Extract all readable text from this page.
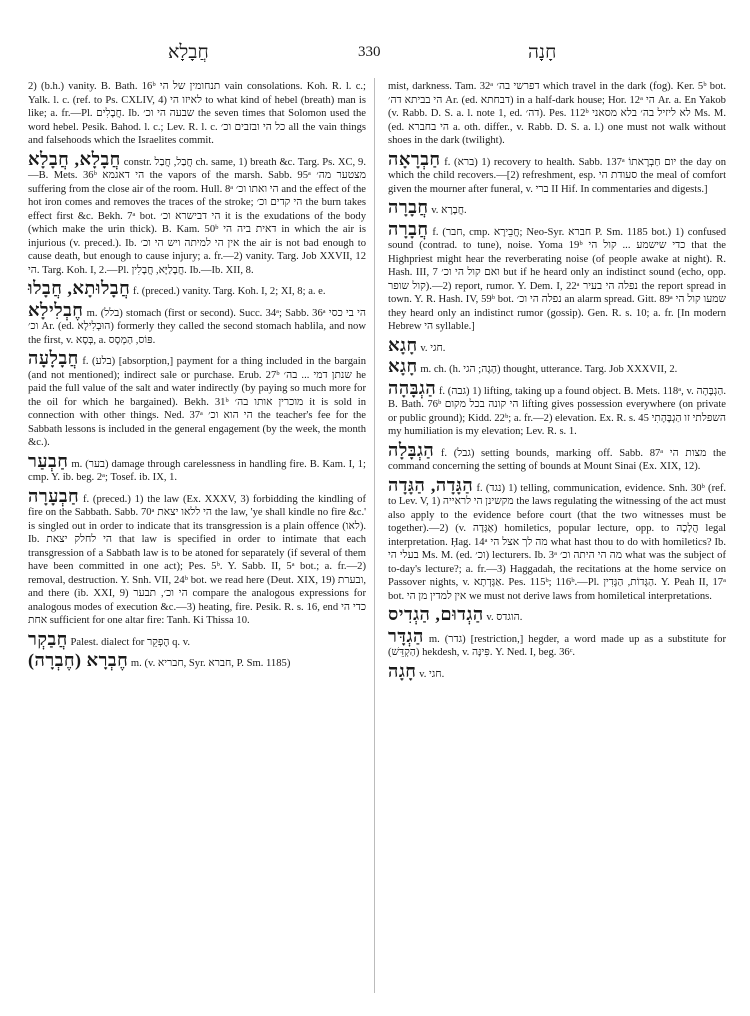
חֲבָלָא	330	חָנָה

2) (b.h.) vanity. B. Bath. 16ᵇ תנחומין של הי vain consolations. Koh. R. l. c.; Yalk. l. c. (ref. to Ps. CXLIV, 4) לאיזו הי to what kind of hebel (breath) man is like; a. fr.—Pl. חֲבָלִים. Ib. שבעה הי וכ׳ the seven times that Solomon used the word hebel. Pesik. Bahod. l. c.; Lev. R. l. c. כל הי ובזבים וכ׳ all the vain things and falsehoods which the Israelites commit.

חֲבָלָא, חֲבָלָא constr. חֲבַל, חֲבַל ch. same, 1) breath &c. Targ. Ps. XC, 9.—B. Mets. 36ᵇ הי דאגמא the vapors of the marsh. Sabb. 95ᵃ מצטער מה׳ suffering from the close air of the room. Hull. 8ᵃ הי ואתו וכ׳ and the effect of the hot iron comes and removes the traces of the stroke; הי קדים וכ׳ the burn takes effect first &c. Bekh. 7ᵃ bot. הי דבישרא וכ׳ it is the exudations of the body (which make the urin thick). B. Kam. 50ᵇ דאית ביה הי in which the air is injurious (v. preced.). Ib. אין הי למיתה ויש הי וכ׳ the air is not bad enough to cause death, but enough to cause injury; a. fr.—2) vanity. Targ. Job XXVII, 12 הי. Targ. Koh. I, 2.—Pl. חֲבָלַיָּא, חֲבָלִין. Ib.—Ib. XII, 8.

חֲבָלוּתָא, חֲבָלוּ f. (preced.) vanity. Targ. Koh. I, 2; XI, 8; a. e.

חֶבְלִילָא m. (בלל) stomach (first or second). Succ. 34ᵃ; Sabb. 36ᵃ הי בי כסי וכ׳ Ar. (ed. הוּבְלִילָא) formerly they called the second stomach hablila, and now the first, v. בְּסָא, a. פּוֹס, הַמְסָס.

חֲבָלָעָה f. (בלע) [absorption,] payment for a thing included in the bargain (and not mentioned); indirect sale or purchase. Erub. 27ᵇ שנתן דמי ... בה׳ he paid the full value of the salt and water indirectly (by paying so much more for the oil for which he bargained). Bekh. 31ᵇ מוכרין אותו בה׳ it is sold in connection with other things. Ned. 37ᵃ הי הוא וכ׳ the teacher's fee for the Sabbath lessons is included in the general engagement (by the week, the month &c.).

חַבְעַר m. (בער) damage through carelessness in handling fire. B. Kam. I, 1; cmp. Y. ib. beg. 2ᵃ; Tosef. ib. IX, 1.

חַבְעָרָה f. (preced.) 1) the law (Ex. XXXV, 3) forbidding the kindling of fire on the Sabbath. Sabb. 70ᵃ הי ללאו יצאת the law, 'ye shall kindle no fire &c.' is singled out in order to indicate that its transgression is a plain offence (לאו). Ib. הי לחלק יצאת that law is specified in order to intimate that each transgression of a Sabbath law is to be atoned for separately (if several of them have been committed in one act); Pes. 5ᵇ. Y. Sabb. II, 5ᵃ bot.; a. fr.—2) removal, destruction. Y. Snh. VII, 24ᵇ bot. we read here (Deut. XIX, 19) ובערת, and there (ib. XXI, 9) הי וכ׳, תבער compare the analogous expressions for analogous modes of execution &c.—3) heating, fire. Pesik. R. s. 16, end כדי הי אחת sufficient for one altar fire: Tanh. Ki Thissa 10.

חֲבַקְר Palest. dialect for הֶפְקֵר q. v.

חֶבְרָא (חֶבְרָה) m. (v. חבריא, Syr. חברא, P. Sm. 1185)

mist, darkness. Tam. 32ᵃ דפרשי בה׳ which travel in the dark (fog). Ker. 5ᵇ bot. הי בביתא דה׳ Ar. (ed. דבחתא) in a half-dark house; Hor. 12ᵃ הי Ar. a. En Yakob (v. Rabb. D. S. a. l. note 1, ed. דה׳). Pes. 112ᵇ לא ליזיל בה׳ בלא מסאני Ms. M. (ed. הי בחברא a. oth. differ., v. Rabb. D. S. a. l.) one must not walk without shoes in the dark (twilight).

חַבְרָאָה f. (ברא) 1) recovery to health. Sabb. 137ᵃ יום חַבְרָאתוֹ the day on which the child recovers.—[2) refreshment, esp. סעודת הי the meal of comfort given the mourner after funeral, v. ברי II Hif. In commentaries and digests.]

חֲבָרָה v. חֲבָרָא.

חֲבָרָה f. (חבר, cmp. חֲבֵירָא; Neo-Syr. חברא P. Sm. 1185 bot.) 1) confused sound (contrad. to tune), noise. Yoma 19ᵇ כדי שישמע ... קול הי that the Highpriest might hear the reverberating noise (of people awake at night). R. Hash. III, 7 ואם קול הי וכ׳ but if he heard only an indistinct sound (echo, opp. קול שופר).—2) report, rumor. Y. Dem. I, 22ᵃ נפלה הי בעיר the report spread in town. Y. R. Hash. IV, 59ᵇ bot. נפלה הי וכ׳ an alarm spread. Gitt. 89ᵃ שמעו קול הי they heard only an indistinct rumor (gossip). Gen. R. s. 10; a. fr. [In modern Hebrew הי syllable.]

חָגָא v. חגי.

חָגָא m. ch. (h. הָגָה; הגי) thought, utterance. Targ. Job XXXVII, 2.

הַגְבָּהָה f. (גבה) 1) lifting, taking up a found object. B. Mets. 118ᵃ, v. הַגְבָּהָה. B. Bath. 76ᵇ הי קונה בכל מקום lifting gives possession everywhere (on private or public ground); Kidd. 22ᵇ; a. fr.—2) elevation. Ex. R. s. 45 השפלתי זו הַגְבָּהָתִי my humiliation is my elevation; Lev. R. s. 1.

הַגְבָּלָה f. (גבל) setting bounds, marking off. Sabb. 87ᵃ מצות הי the command concerning the setting of bounds at Mount Sinai (Ex. XIX, 12).

הַגָּדָה, הַגָּדָה f. (נגד) 1) telling, communication, evidence. Snh. 30ᵇ (ref. to Lev. V, 1) מקשינן הי לראייה the laws regulating the witnessing of the act must also apply to the evidence before court (that the two witnesses must be together).—2) (v. אַגָּדָה) homiletics, popular lecture, opp. to הֲלָכָה legal interpretation. Ḥag. 14ᵃ מה לך אצל הי what hast thou to do with homiletics? Ib. בעלי הי Ms. M. (ed. וכ׳) lecturers. Ib. 3ᵃ מה הי היתה וכ׳ what was the subject of to-day's lecture?; a. fr.—3) Haggadah, the recitations at the home service on Passover nights, v. אַגָּדְתָא. Pes. 115ᵇ; 116ᵇ.—Pl. הַגָּדוֹת, הַגָּדִין. Y. Peah II, 17ᵃ bot. אין למדין מן הי we must not derive laws from homiletical interpretations.

הַגְדוּם, הַגְדִיס v. הוגדס.

הַגְדָּר m. (גדר) [restriction,] hegder, a word made up as a substitute for (הַקְדֵּשׁ) hekdesh, v. פִּינָּה. Y. Ned. I, beg. 36ᶜ.

חָגָה v. חגי.
